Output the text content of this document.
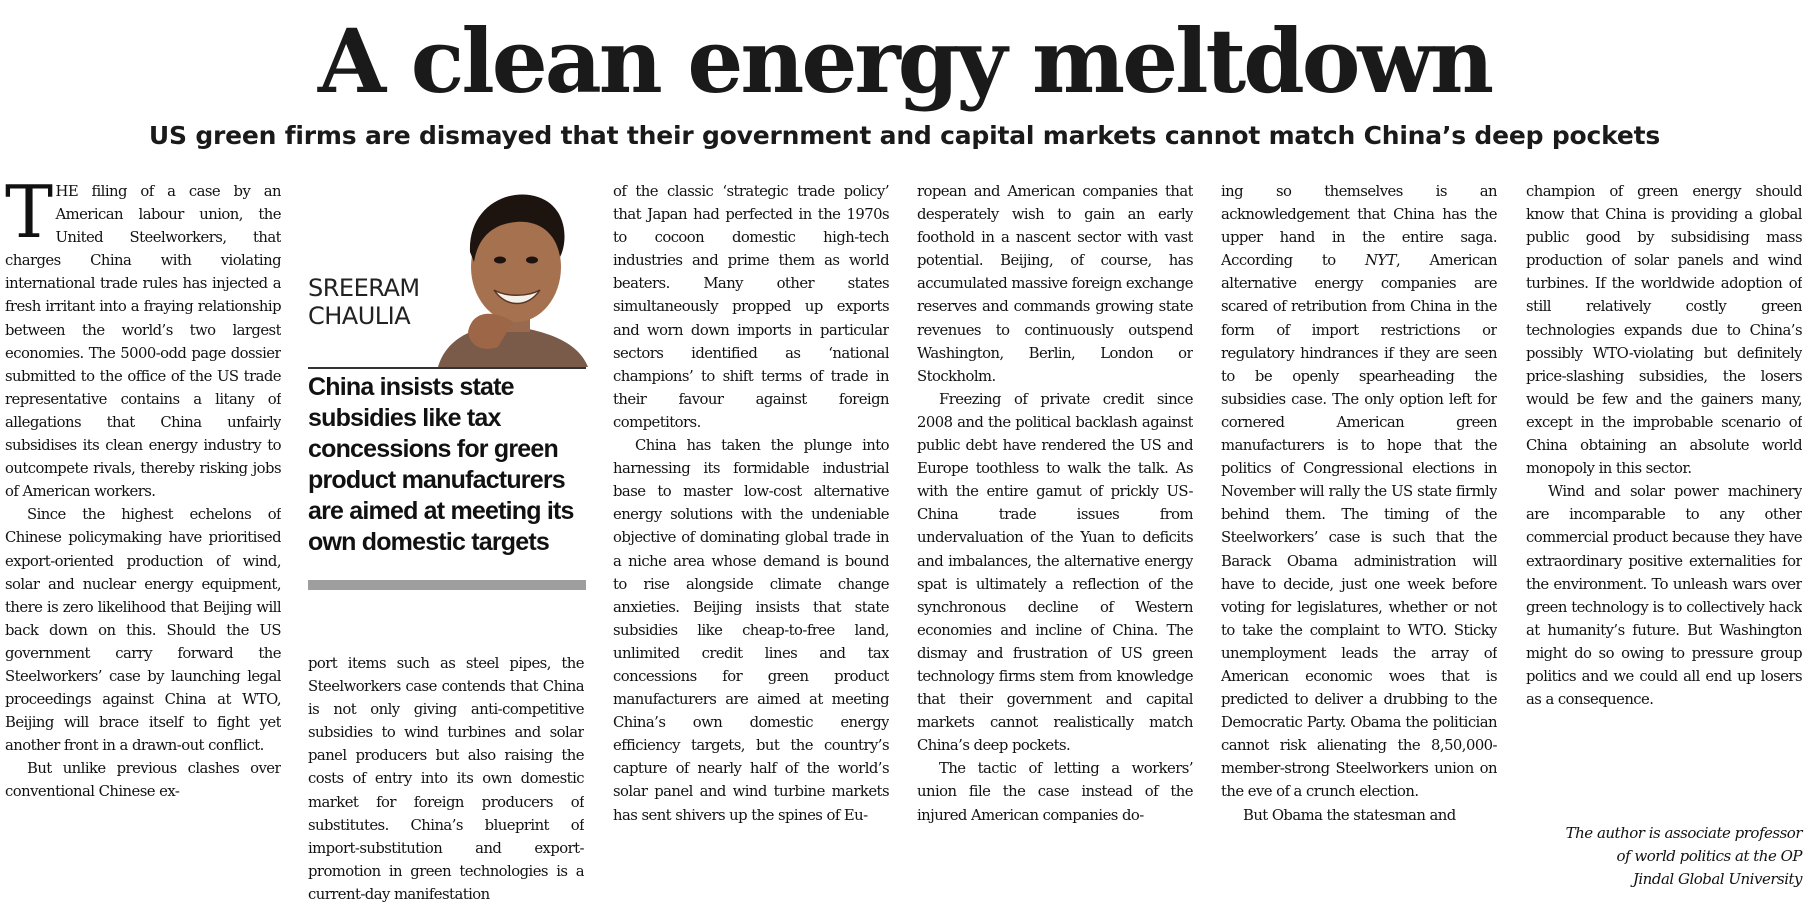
A clean energy meltdown
US green firms are dismayed that their government and capital markets cannot match China’s deep pockets

THE filing of a case by an American labour union, the United Steelworkers, that charges China with violating international trade rules has injected a fresh irritant into a fraying relationship between the world’s two largest economies. The 5000-odd page dossier submitted to the office of the US trade representative contains a litany of allegations that China unfairly subsidises its clean energy industry to outcompete rivals, thereby risking jobs of American workers.

Since the highest echelons of Chinese policymaking have prioritised export-oriented production of wind, solar and nuclear energy equipment, there is zero likelihood that Beijing will back down on this. Should the US government carry forward the Steelworkers’ case by launching legal proceedings against China at WTO, Beijing will brace itself to fight yet another front in a drawn-out conflict.

But unlike previous clashes over conventional Chinese ex-

SREERAM
CHAULIA

China insists state subsidies like tax concessions for green product manufacturers are aimed at meeting its own domestic targets

port items such as steel pipes, the Steelworkers case contends that China is not only giving anti-competitive subsidies to wind turbines and solar panel producers but also raising the costs of entry into its own domestic market for foreign producers of substitutes. China’s blueprint of import-substitution and export-promotion in green technologies is a current-day manifestation

of the classic ‘strategic trade policy’ that Japan had perfected in the 1970s to cocoon domestic high-tech industries and prime them as world beaters. Many other states simultaneously propped up exports and worn down imports in particular sectors identified as ‘national champions’ to shift terms of trade in their favour against foreign competitors.

China has taken the plunge into harnessing its formidable industrial base to master low-cost alternative energy solutions with the undeniable objective of dominating global trade in a niche area whose demand is bound to rise alongside climate change anxieties. Beijing insists that state subsidies like cheap-to-free land, unlimited credit lines and tax concessions for green product manufacturers are aimed at meeting China’s own domestic energy efficiency targets, but the country’s capture of nearly half of the world’s solar panel and wind turbine markets has sent shivers up the spines of Eu-

ropean and American companies that desperately wish to gain an early foothold in a nascent sector with vast potential. Beijing, of course, has accumulated massive foreign exchange reserves and commands growing state revenues to continuously outspend Washington, Berlin, London or Stockholm.

Freezing of private credit since 2008 and the political backlash against public debt have rendered the US and Europe toothless to walk the talk. As with the entire gamut of prickly US-China trade issues from undervaluation of the Yuan to deficits and imbalances, the alternative energy spat is ultimately a reflection of the synchronous decline of Western economies and incline of China. The dismay and frustration of US green technology firms stem from knowledge that their government and capital markets cannot realistically match China’s deep pockets.

The tactic of letting a workers’ union file the case instead of the injured American companies do-

ing so themselves is an acknowledgement that China has the upper hand in the entire saga. According to NYT, American alternative energy companies are scared of retribution from China in the form of import restrictions or regulatory hindrances if they are seen to be openly spearheading the subsidies case. The only option left for cornered American green manufacturers is to hope that the politics of Congressional elections in November will rally the US state firmly behind them. The timing of the Steelworkers’ case is such that the Barack Obama administration will have to decide, just one week before voting for legislatures, whether or not to take the complaint to WTO. Sticky unemployment leads the array of American economic woes that is predicted to deliver a drubbing to the Democratic Party. Obama the politician cannot risk alienating the 8,50,000-member-strong Steelworkers union on the eve of a crunch election.

But Obama the statesman and

champion of green energy should know that China is providing a global public good by subsidising mass production of solar panels and wind turbines. If the worldwide adoption of still relatively costly green technologies expands due to China’s possibly WTO-violating but definitely price-slashing subsidies, the losers would be few and the gainers many, except in the improbable scenario of China obtaining an absolute world monopoly in this sector.

Wind and solar power machinery are incomparable to any other commercial product because they have extraordinary positive externalities for the environment. To unleash wars over green technology is to collectively hack at humanity’s future. But Washington might do so owing to pressure group politics and we could all end up losers as a consequence.

The author is associate professor
of world politics at the OP
Jindal Global University
